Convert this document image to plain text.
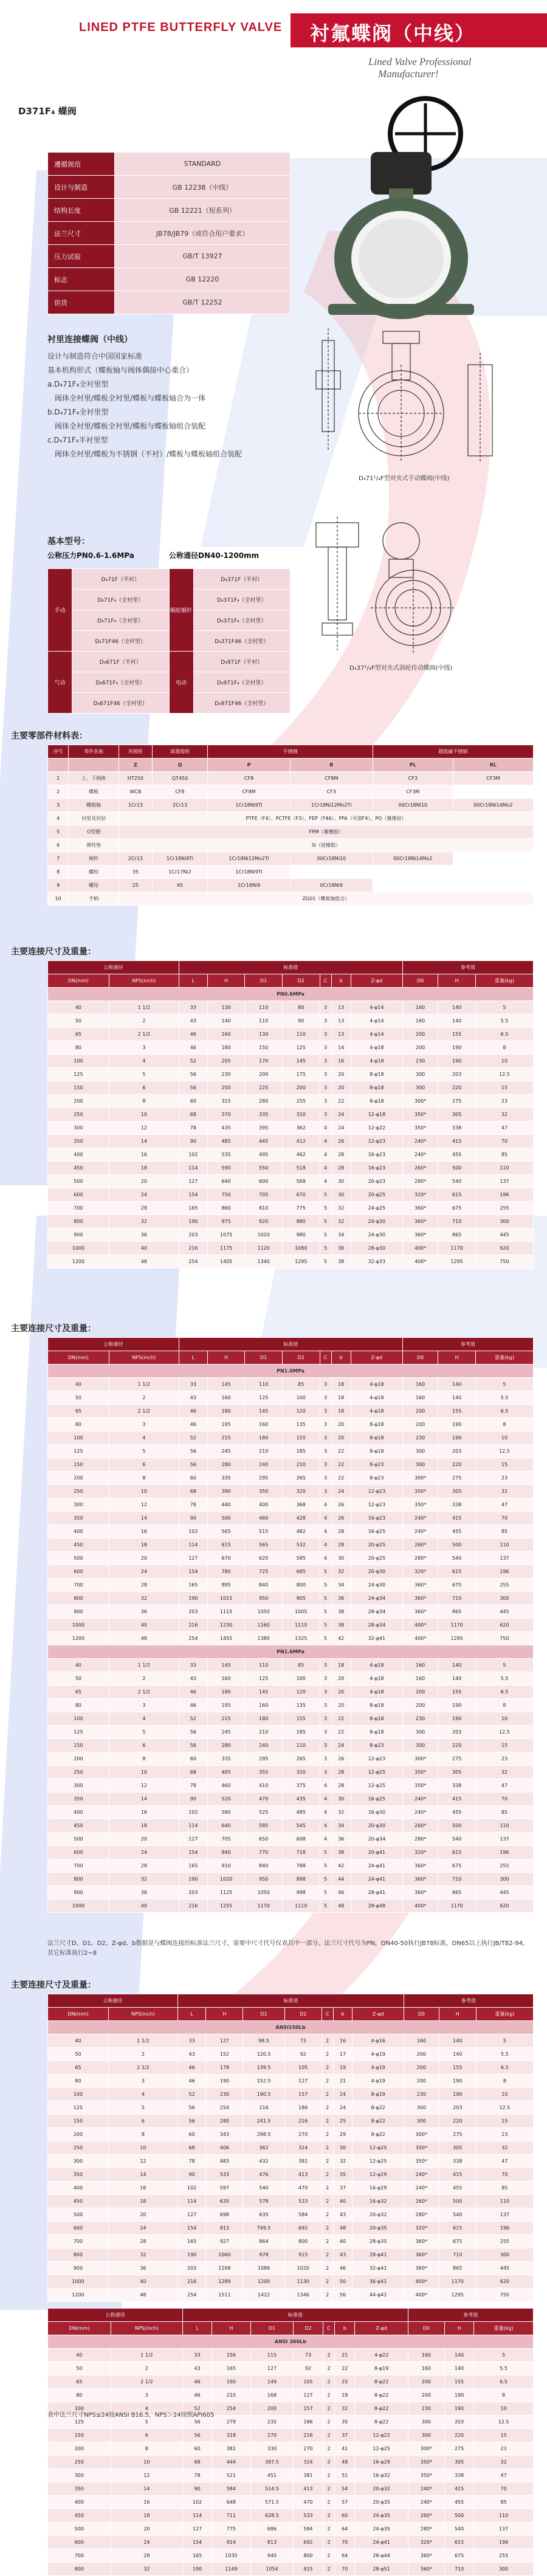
LINED PTFE BUTTERFLY VALVE 衬氟蝶阀（中线）
Lined Valve Professional
Manufacturer!
D371F₄ 蝶阀
遵循规范	STANDARD
设计与制造	GB 12238（中线）
结构长度	GB 12221（短系列）
法兰尺寸	JB78/JB79（或符合用户要求）
压力试验	GB/T 13927
标志	GB 12220
供货	GB/T 12252
衬里连接蝶阀（中线）
设计与制造符合中国国家标准
基本机构形式（蝶板轴与阀体偶接中心重合）
a.D₄71F₄全衬里型
　阀体全衬里/蝶板全衬里/蝶板与蝶板轴合为一体
b.D₄71F₄全衬里型
　阀体全衬里/蝶板全衬里/蝶板与蝶板轴组合装配
c.D₄71F₄半衬里型
　阀体全衬里/蝶板为不锈钢（不衬）/蝶板与蝶板轴组合装配
D₄71¹/₄F型对夹式手动蝶阀(中线)
D₄37¹/₄F型对夹式涡轮传动蝶阀(中线)
基本型号：
公称压力PN0.6-1.6MPa	公称通径DN40-1200mm
手动	D₄71F（半衬）	蜗轮蜗杆	D₄371F（半衬）
	D₄71F₄（全衬里）		D₄371F₄（全衬里）
	D₄71F₄（全衬里）		D₄371F₄（全衬里）
	D₄71F46（全衬里）		D₄371F46（全衬里）
气动	D₄671F（半衬）	电动	D₄971F（半衬）
	D₄671F₄（全衬里）		D₄971F₄（全衬里）
	D₄671F46（全衬里）		D₄971F46（全衬里）
主要零部件材料表：
序号	零件名称	灰铸铁	球墨铸铁	不锈钢		超低碳不锈钢	
		Z	Q	P	R	PL	RL
1	上、下阀体	HT250	QT450	CF8	CF8M	CF3	CF3M
2	蝶板	WCB	CF8	CF8M	CF3	CF3M	
3	蝶板轴	1Cr13	2Cr13	1Cr18Ni9Ti	1Cr18Ni12Mo2Ti	00Cr18Ni10	00Cr18Ni14Mo2
4	衬里及衬层	PTFE（F4）、PCTFE（F3）、FEP（F46）、PFA（可溶F4）、PO（聚烯烃）					
5	O型圈	FPM（氟橡胶）					
6	弹性垫	Si（硅橡胶）					
7	阀杆	2Cr13	1Cr18Ni9Ti	1Cr18Ni12Mo2Ti	00Cr18Ni10	00Cr18Ni14Mo2	
8	螺栓	35	1Cr17Ni2	1Cr18Ni9Ti			
9	螺母	25	45	1Cr18Ni9	0Cr18Ni9		
10	手柄	ZG01（蝶板轴组合）					
主要连接尺寸及重量：
公称通径		标准值							参考值		
DN(mm)	NPS(inch)	L	H	D1	D2	C	b	Z-φd	D0	H	重量(kg)
PN0.6MPa											
40	1 1/2	33	130	110	80	3	13	4-φ14	160	140	5
50	2	43	140	110	90	3	13	4-φ14	160	140	5.5
65	2 1/2	46	160	130	110	3	13	4-φ14	200	155	6.5
80	3	46	180	150	125	3	14	4-φ18	200	190	8
100	4	52	205	170	145	3	16	4-φ18	230	190	10
125	5	56	230	200	175	3	20	8-φ18	300	203	12.5
150	6	56	250	225	200	3	20	8-φ18	300	220	15
200	8	60	315	280	255	3	22	8-φ18	300*	275	23
250	10	68	370	335	310	3	24	12-φ18	350*	305	32
300	12	78	435	395	362	4	24	12-φ22	350*	338	47
350	14	90	485	445	412	4	26	12-φ23	240*	415	70
400	16	102	535	495	462	4	28	16-φ23	240*	455	85
450	18	114	590	550	518	4	28	16-φ23	260*	500	110
500	20	127	640	600	568	4	30	20-φ23	280*	540	137
600	24	154	750	705	670	5	30	20-φ25	320*	615	196
700	28	165	860	810	775	5	32	24-φ25	360*	675	255
800	32	190	975	920	880	5	32	24-φ30	360*	710	300
900	36	203	1075	1020	980	5	34	24-φ30	360*	865	445
1000	40	216	1175	1120	1080	5	36	28-φ30	400*	1170	620
1200	48	254	1405	1340	1295	5	38	32-φ33	400*	1295	750
主要连接尺寸及重量：
公称通径		标准值							参考值		
DN(mm)	NPS(inch)	L	H	D1	D2	C	b	Z-φd	D0	H	重量(kg)
PN1.0MPa											
40	1 1/2	33	145	110	85	3	18	4-φ18	160	140	5
50	2	43	160	125	100	3	18	4-φ18	160	140	5.5
65	2 1/2	46	180	145	120	3	18	4-φ18	200	155	6.5
80	3	46	195	160	135	3	20	8-φ18	200	190	8
100	4	52	215	180	155	3	20	8-φ18	230	190	10
125	5	56	245	210	185	3	22	8-φ18	300	203	12.5
150	6	56	280	240	210	3	22	8-φ23	300	220	15
200	8	60	335	295	265	3	22	8-φ23	300*	275	23
250	10	68	390	350	320	3	24	12-φ23	350*	305	32
300	12	78	440	400	368	4	26	12-φ23	350*	338	47
350	14	90	500	460	428	4	26	16-φ23	240*	415	70
400	16	102	565	515	482	4	28	16-φ25	240*	455	85
450	18	114	615	565	532	4	28	20-φ25	260*	500	110
500	20	127	670	620	585	4	30	20-φ25	280*	540	137
600	24	154	780	725	685	5	32	20-φ30	320*	615	196
700	28	165	895	840	800	5	34	24-φ30	360*	675	255
800	32	190	1015	950	905	5	36	24-φ34	360*	710	300
900	36	203	1115	1050	1005	5	38	28-φ34	360*	865	445
1000	40	216	1230	1160	1110	5	38	28-φ34	400*	1170	620
1200	48	254	1455	1380	1325	5	42	32-φ41	400*	1295	750
PN1.6MPa											
40	1 1/2	33	145	110	85	3	18	4-φ18	160	140	5
50	2	43	160	125	100	3	20	4-φ18	160	140	5.5
65	2 1/2	46	180	145	120	3	20	4-φ18	200	155	6.5
80	3	46	195	160	135	3	20	8-φ18	200	190	8
100	4	52	215	180	155	3	22	8-φ18	230	190	10
125	5	56	245	210	185	3	22	8-φ18	300	203	12.5
150	6	56	280	240	210	3	24	8-φ23	300	220	15
200	8	60	335	295	265	3	26	12-φ23	300*	275	23
250	10	68	405	355	320	3	28	12-φ25	350*	305	32
300	12	78	460	410	375	4	28	12-φ25	350*	338	47
350	14	90	520	470	435	4	30	16-φ25	240*	415	70
400	16	102	580	525	485	4	32	16-φ30	240*	455	85
450	18	114	640	585	545	4	34	20-φ30	260*	500	110
500	20	127	705	650	608	4	36	20-φ34	280*	540	137
600	24	154	840	770	718	5	38	20-φ41	320*	615	196
700	28	165	910	840	788	5	42	24-φ41	360*	675	255
800	32	190	1020	950	898	5	44	24-φ41	360*	710	300
900	36	203	1125	1050	998	5	46	28-φ41	360*	865	445
1000	40	216	1255	1170	1110	5	48	28-φ48	400*	1170	620
法兰尺寸D、D1、D2、Z-φd、b数据是与蝶阀连接的标准法兰尺寸，需要中尺寸代号仅表其中一部分。法兰尺寸代号为PN，DN40-50执行JB78标准，DN65以上执行JB/T82-94，其它标准执行2~8
主要连接尺寸及重量：
公称通径		标准值							参考值		
DN(mm)	NPS(inch)	L	H	D1	D2	C	b	Z-φd	D0	H	重量(kg)
ANSI150Lb											
40	1 1/2	33	127	98.5	73	2	16	4-φ16	160	140	5
50	2	43	152	120.5	92	2	17	4-φ19	200	140	5.5
65	2 1/2	46	178	139.5	105	2	19	4-φ19	200	155	6.5
80	3	46	190	152.5	127	2	21	4-φ19	200	190	8
100	4	52	230	190.5	157	2	24	8-φ19	230	190	10
125	5	56	254	216	186	2	24	8-φ22	300	203	12.5
150	6	56	280	241.5	216	2	25	8-φ22	300	220	15
200	8	60	343	298.5	270	2	29	8-φ22	300*	275	23
250	10	68	406	362	324	2	30	12-φ25	350*	305	32
300	12	78	483	432	381	2	32	12-φ25	350*	338	47
350	14	90	533	476	413	2	35	12-φ29	240*	415	70
400	16	102	597	540	470	2	37	16-φ29	240*	455	85
450	18	114	635	578	533	2	40	16-φ32	260*	500	110
500	20	127	698	635	584	2	43	20-φ32	280*	540	137
600	24	154	813	749.5	692	2	48	20-φ35	320*	615	196
700	28	165	927	864	800	2	40	28-φ35	360*	675	255
800	32	190	1060	978	915	2	43	28-φ41	360*	710	300
900	36	203	1168	1086	1020	2	46	32-φ41	360*	865	445
1000	40	216	1289	1200	1130	2	50	36-φ41	400*	1170	620
1200	48	254	1511	1422	1346	2	56	44-φ41	400*	1295	750
公称通径		标准值							参考值		
DN(mm)	NPS(inch)	L	H	D1	D2	C	b	Z-φd	D0	H	重量(kg)
ANSI 300Lb											
40	1 1/2	33	156	115	73	2	21	4-φ22	160	140	5
50	2	43	165	127	92	2	22	8-φ19	160	140	5.5
65	2 1/2	46	190	149	105	2	25	8-φ22	200	155	6.5
80	3	46	210	168	127	2	29	8-φ22	200	190	8
100	4	52	254	200	157	2	32	8-φ22	230	190	10
125	5	56	279	235	186	2	35	8-φ22	300	203	12.5
150	6	56	318	270	216	2	37	12-φ22	300	220	15
200	8	60	381	330	270	2	41	12-φ25	300*	275	23
250	10	68	444	387.5	324	2	48	16-φ29	350*	305	32
300	12	78	521	451	381	2	51	16-φ32	350*	338	47
350	14	90	584	514.5	413	2	54	20-φ32	240*	415	70
400	16	102	648	571.5	470	2	57	20-φ35	240*	455	85
450	18	114	711	628.5	533	2	60	24-φ35	260*	500	110
500	20	127	775	686	584	2	64	24-φ35	280*	540	137
600	24	154	914	813	692	2	70	24-φ41	320*	615	196
700	28	165	1035	940	800	2	64	28-φ44	360*	675	255
800	32	190	1149	1054	915	2	70	28-φ51	360*	710	300
表中法兰尺寸NPS≤24按ANSI B16.5，NPS＞24按照API605
